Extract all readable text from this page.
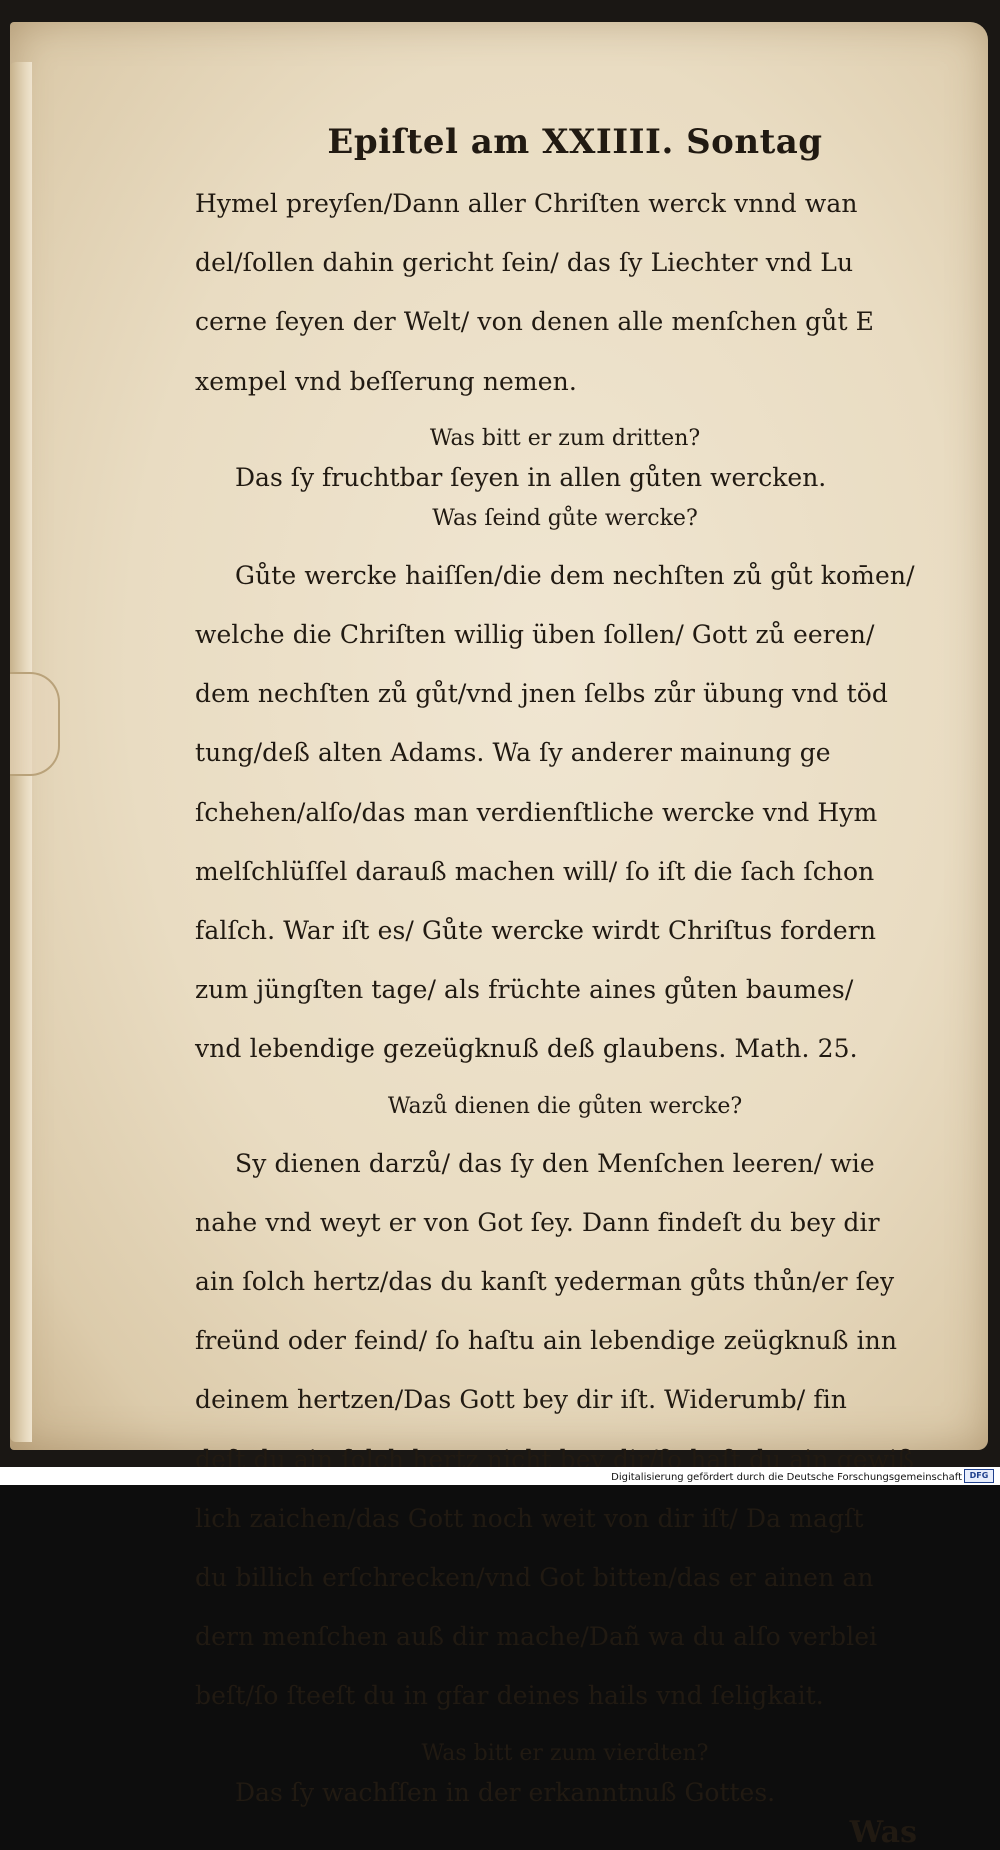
Epiſtel am XXIIII. Sontag

Hymel preyſen/Dann aller Chriſten werck vnnd wan

del/ſollen dahin gericht ſein/ das ſy Liechter vnd Lu

cerne ſeyen der Welt/ von denen alle menſchen gůt E

xempel vnd beſſerung nemen.

Was bitt er zum dritten?
Das ſy fruchtbar ſeyen in allen gůten wercken.
Was ſeind gůte wercke?

Gůte wercke haiſſen/die dem nechſten zů gůt kom̄en/

welche die Chriſten willig üben ſollen/ Gott zů eeren/

dem nechſten zů gůt/vnd jnen ſelbs zůr übung vnd töd

tung/deß alten Adams. Wa ſy anderer mainung ge

ſchehen/alſo/das man verdienſtliche wercke vnd Hym

melſchlüſſel darauß machen will/ ſo iſt die ſach ſchon

falſch. War iſt es/ Gůte wercke wirdt Chriſtus fordern

zum jüngſten tage/ als früchte aines gůten baumes/

vnd lebendige gezeügknuß deß glaubens. Math. 25.

Wazů dienen die gůten wercke?

Sy dienen darzů/ das ſy den Menſchen leeren/ wie

nahe vnd weyt er von Got ſey. Dann findeſt du bey dir

ain ſolch hertz/das du kanſt yederman gůts thůn/er ſey

freünd oder feind/ ſo haſtu ain lebendige zeügknuß inn

deinem hertzen/Das Gott bey dir iſt. Widerumb/ fin

deſt du ain ſolch hertz nicht bey dir/ſo haſt du ain gewiß

lich zaichen/das Gott noch weit von dir iſt/ Da magſt

du billich erſchrecken/vnd Got bitten/das er ainen an

dern menſchen auß dir mache/Dañ wa du alſo verblei

beſt/ſo ſteeſt du in gfar deines hails vnd ſeligkait.

Was bitt er zum vierdten?
Das ſy wachſſen in der erkanntnuß Gottes.
Digitalisierung gefördert durch die Deutsche Forschungsgemeinschaft DFG
